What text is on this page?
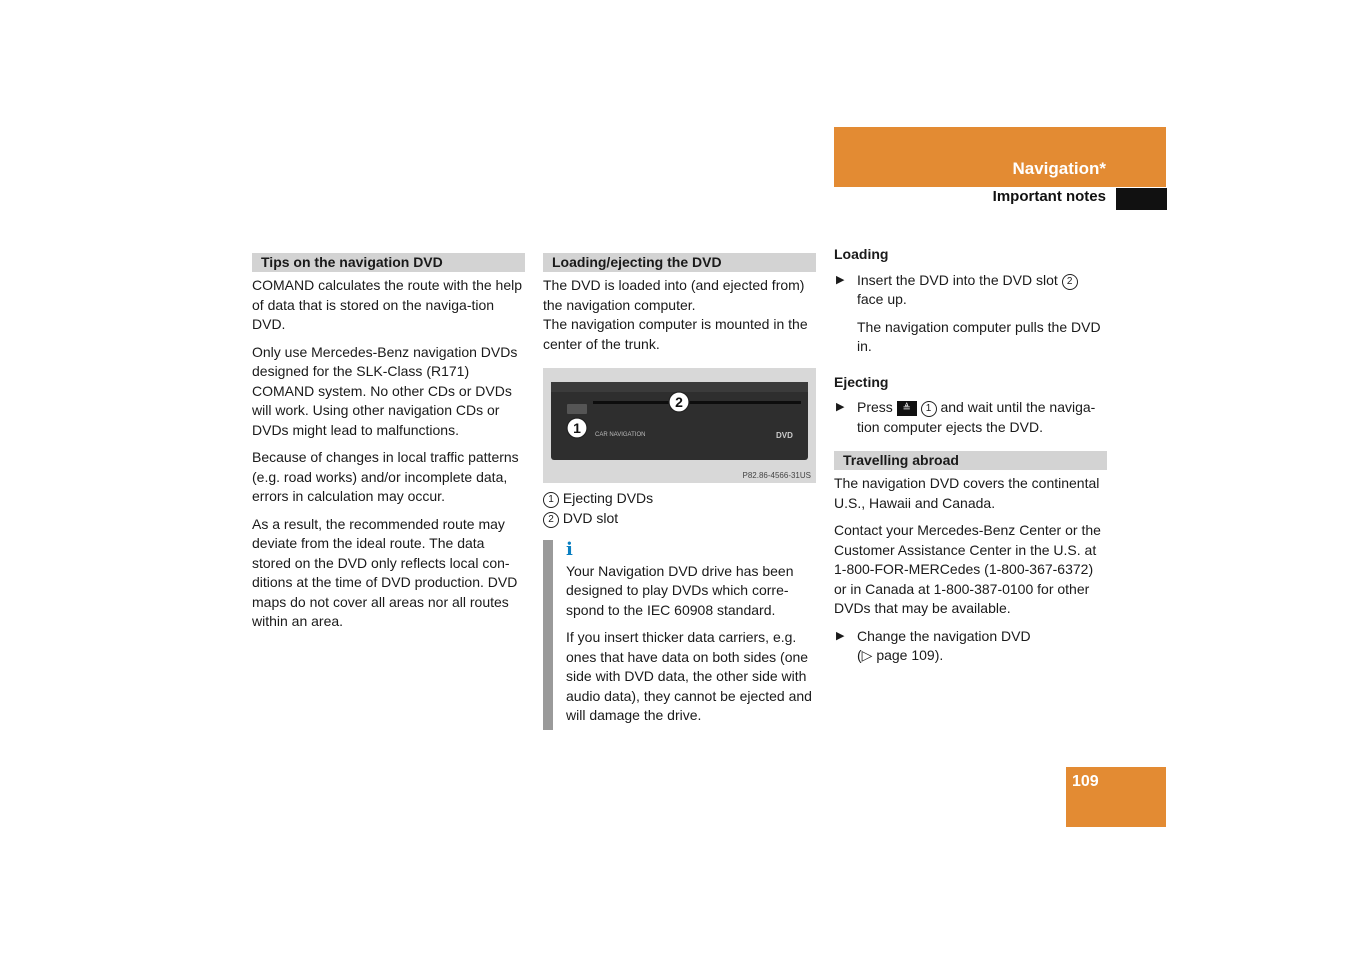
Navigation*
Important notes
Tips on the navigation DVD

COMAND calculates the route with the help of data that is stored on the naviga-tion DVD.

Only use Mercedes-Benz navigation DVDs designed for the SLK-Class (R171) COMAND system. No other CDs or DVDs will work. Using other navigation CDs or DVDs might lead to malfunctions.

Because of changes in local traffic patterns (e.g. road works) and/or incomplete data, errors in calculation may occur.

As a result, the recommended route may deviate from the ideal route. The data stored on the DVD only reflects local con-ditions at the time of DVD production. DVD maps do not cover all areas nor all routes within an area.

Loading/ejecting the DVD
The DVD is loaded into (and ejected from) the navigation computer.
The navigation computer is mounted in the center of the trunk.
2
1 CAR NAVIGATION	DVD
P82.86-4566-31US
1 Ejecting DVDs
2 DVD slot
i

Your Navigation DVD drive has been designed to play DVDs which corre-spond to the IEC 60908 standard.

If you insert thicker data carriers, e.g. ones that have data on both sides (one side with DVD data, the other side with audio data), they cannot be ejected and will damage the drive.

Loading
▶ Insert the DVD into the DVD slot 2 face up.
The navigation computer pulls the DVD in.
Ejecting
▶ Press ≜ 1 and wait until the naviga-tion computer ejects the DVD.
Travelling abroad

The navigation DVD covers the continental U.S., Hawaii and Canada.

Contact your Mercedes-Benz Center or the Customer Assistance Center in the U.S. at 1-800-FOR-MERCedes (1-800-367-6372) or in Canada at 1-800-387-0100 for other DVDs that may be available.

▶ Change the navigation DVD
(▷ page 109).
109
